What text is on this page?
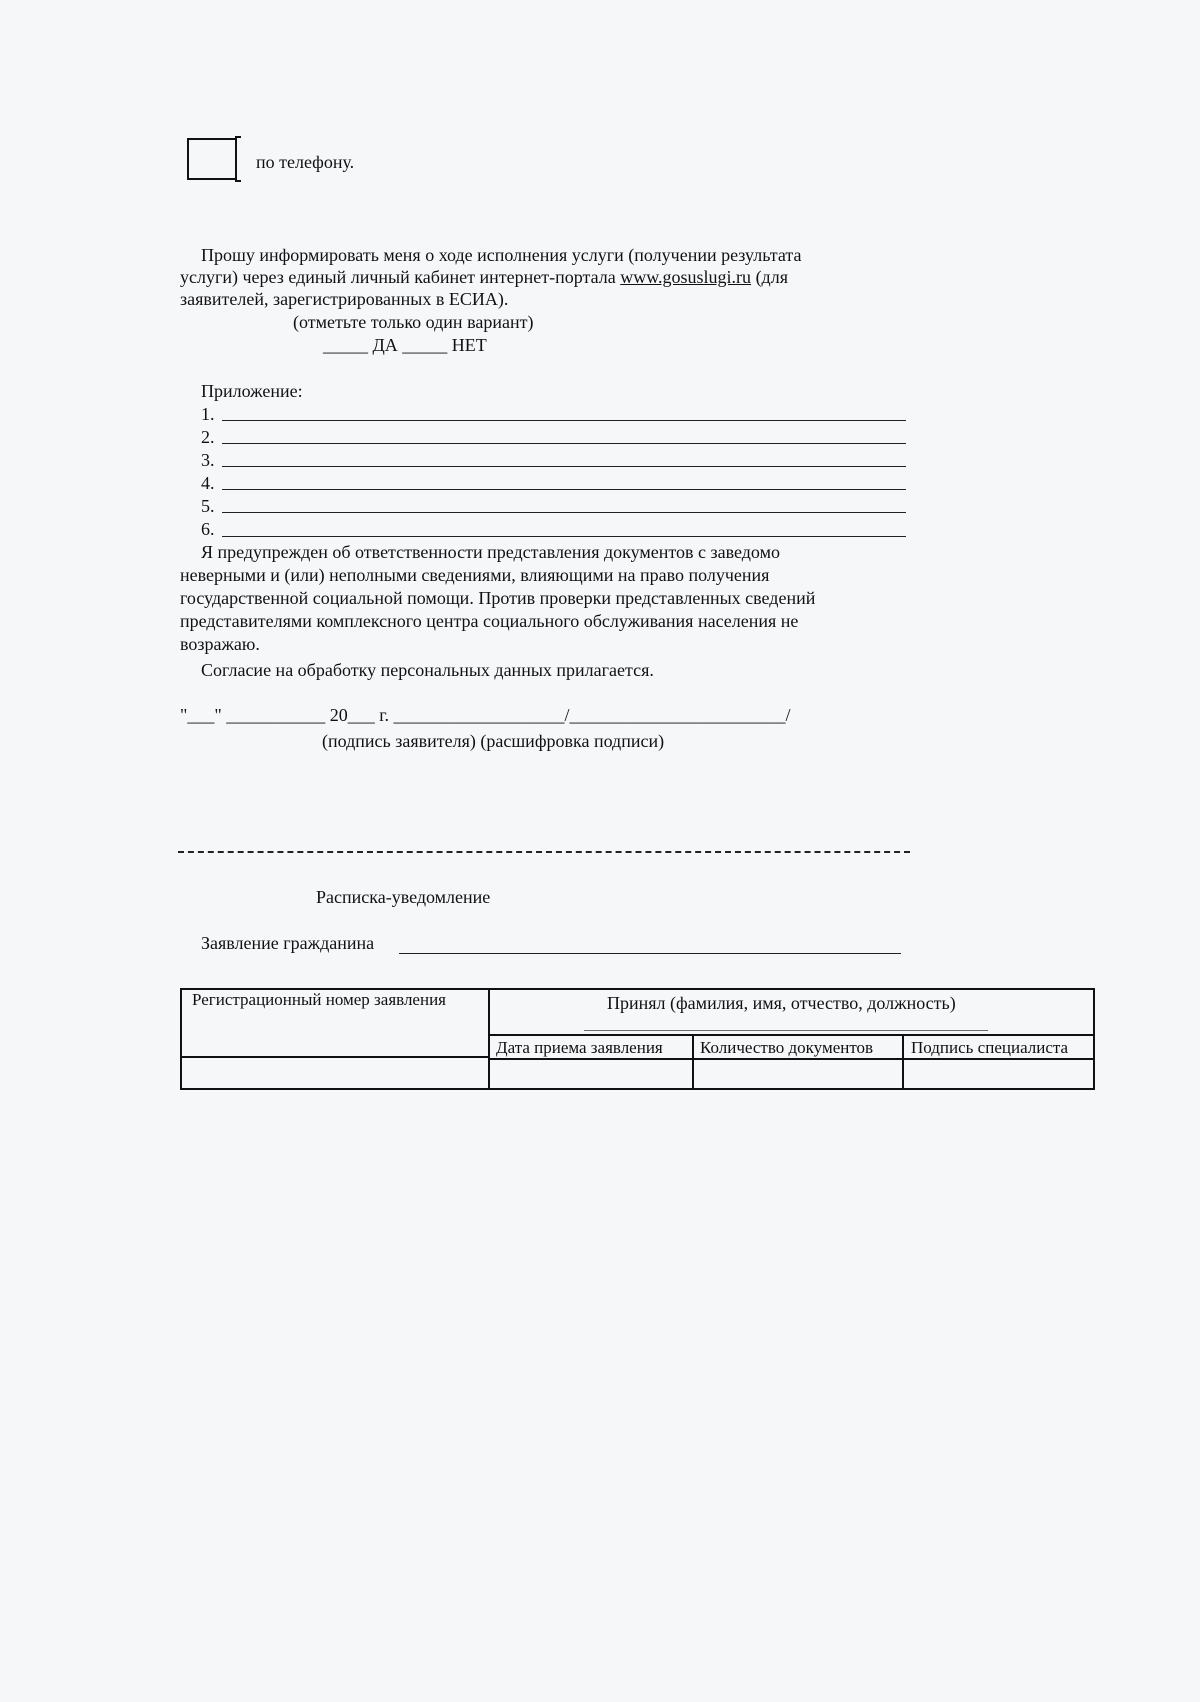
по телефону.
Прошу информировать меня о ходе исполнения услуги (получении результата
услуги) через единый личный кабинет интернет-портала www.gosuslugi.ru (для
заявителей, зарегистрированных в ЕСИА).
(отметьте только один вариант)
_____ ДА _____ НЕТ
Приложение:
1.
2.
3.
4.
5.
6.
Я предупрежден об ответственности представления документов с заведомо
неверными и (или) неполными сведениями, влияющими на право получения
государственной социальной помощи. Против проверки представленных сведений
представителями комплексного центра социального обслуживания населения не
возражаю.
Согласие на обработку персональных данных прилагается.
"___" ___________ 20___ г. ___________________/________________________/
(подпись заявителя) (расшифровка подписи)
Расписка-уведомление
Заявление гражданина
Регистрационный номер заявления	Принял (фамилия, имя, отчество, должность)
Дата приема заявления Количество документов Подпись специалиста
